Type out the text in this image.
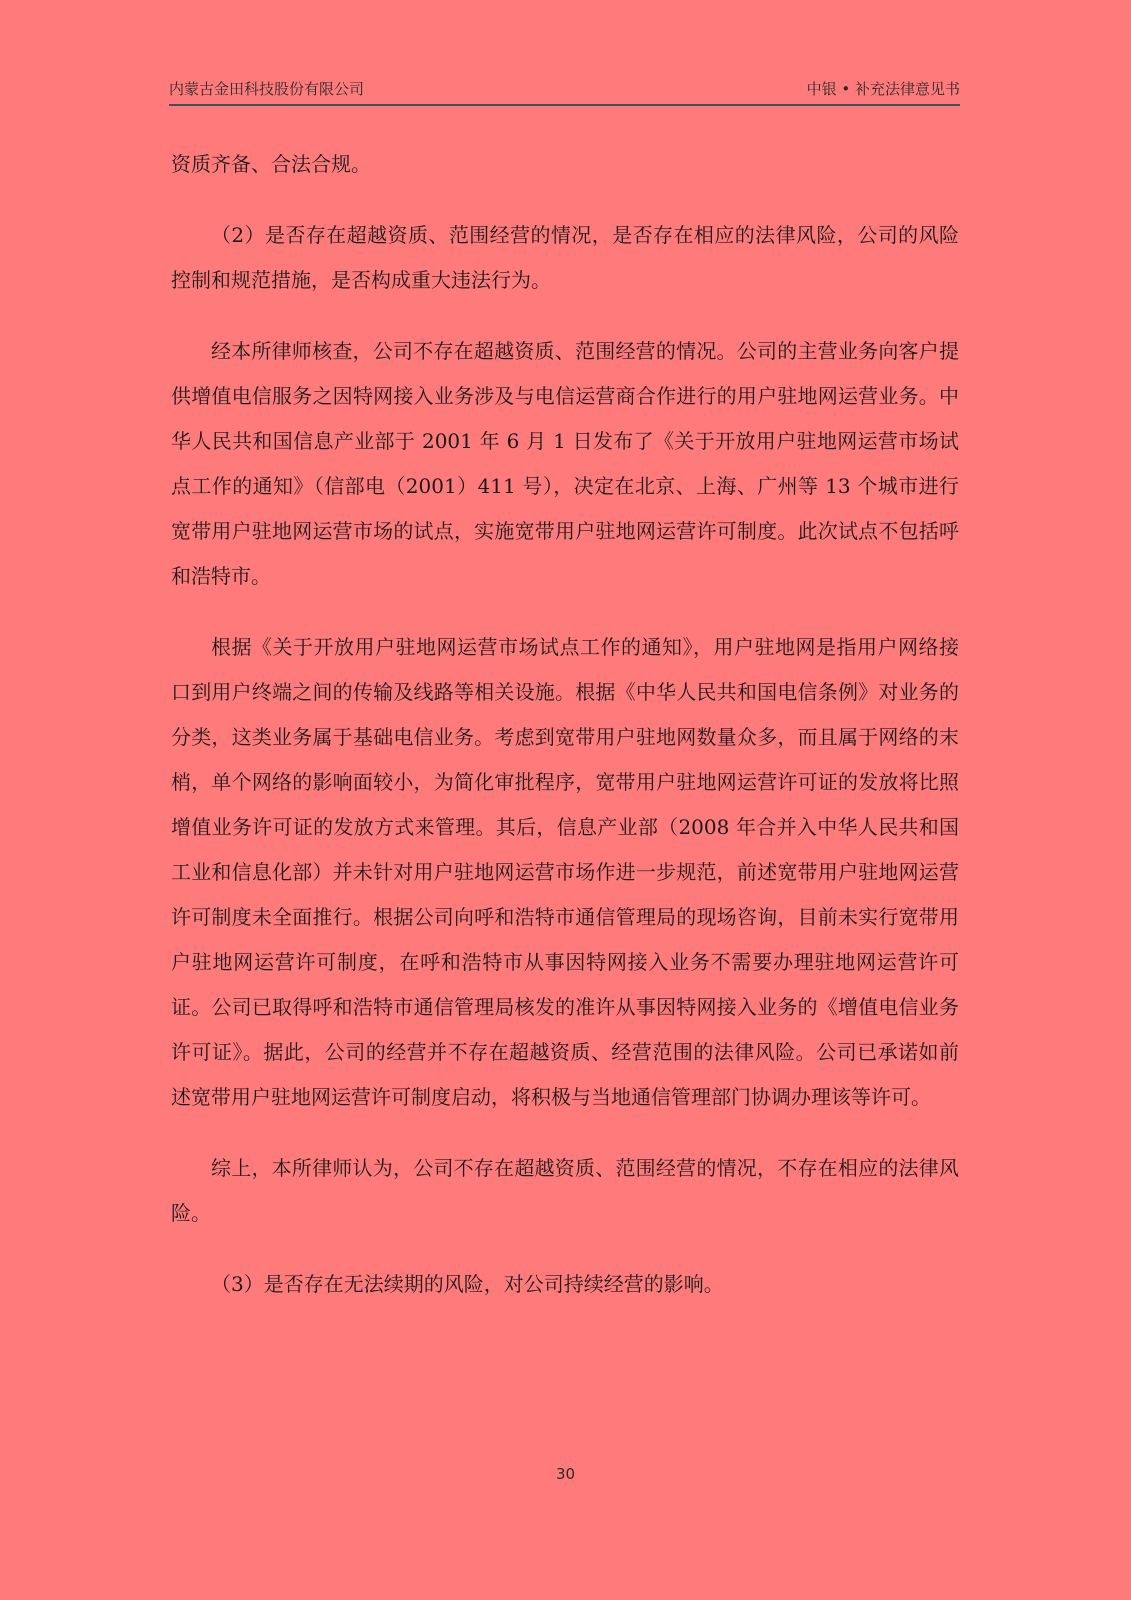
内蒙古金田科技股份有限公司	中银 • 补充法律意见书

资质齐备、合法合规。

（2）是否存在超越资质、范围经营的情况，是否存在相应的法律风险，公司的风险控制和规范措施，是否构成重大违法行为。

经本所律师核查，公司不存在超越资质、范围经营的情况。公司的主营业务向客户提供增值电信服务之因特网接入业务涉及与电信运营商合作进行的用户驻地网运营业务。中华人民共和国信息产业部于 2001 年 6 月 1 日发布了《关于开放用户驻地网运营市场试点工作的通知》（信部电（2001）411 号），决定在北京、上海、广州等 13 个城市进行宽带用户驻地网运营市场的试点，实施宽带用户驻地网运营许可制度。此次试点不包括呼和浩特市。

根据《关于开放用户驻地网运营市场试点工作的通知》，用户驻地网是指用户网络接口到用户终端之间的传输及线路等相关设施。根据《中华人民共和国电信条例》对业务的分类，这类业务属于基础电信业务。考虑到宽带用户驻地网数量众多，而且属于网络的末梢，单个网络的影响面较小，为简化审批程序，宽带用户驻地网运营许可证的发放将比照增值业务许可证的发放方式来管理。其后，信息产业部（2008 年合并入中华人民共和国工业和信息化部）并未针对用户驻地网运营市场作进一步规范，前述宽带用户驻地网运营许可制度未全面推行。根据公司向呼和浩特市通信管理局的现场咨询，目前未实行宽带用户驻地网运营许可制度，在呼和浩特市从事因特网接入业务不需要办理驻地网运营许可证。公司已取得呼和浩特市通信管理局核发的准许从事因特网接入业务的《增值电信业务许可证》。据此，公司的经营并不存在超越资质、经营范围的法律风险。公司已承诺如前述宽带用户驻地网运营许可制度启动，将积极与当地通信管理部门协调办理该等许可。

综上，本所律师认为，公司不存在超越资质、范围经营的情况，不存在相应的法律风险。

（3）是否存在无法续期的风险，对公司持续经营的影响。

30
